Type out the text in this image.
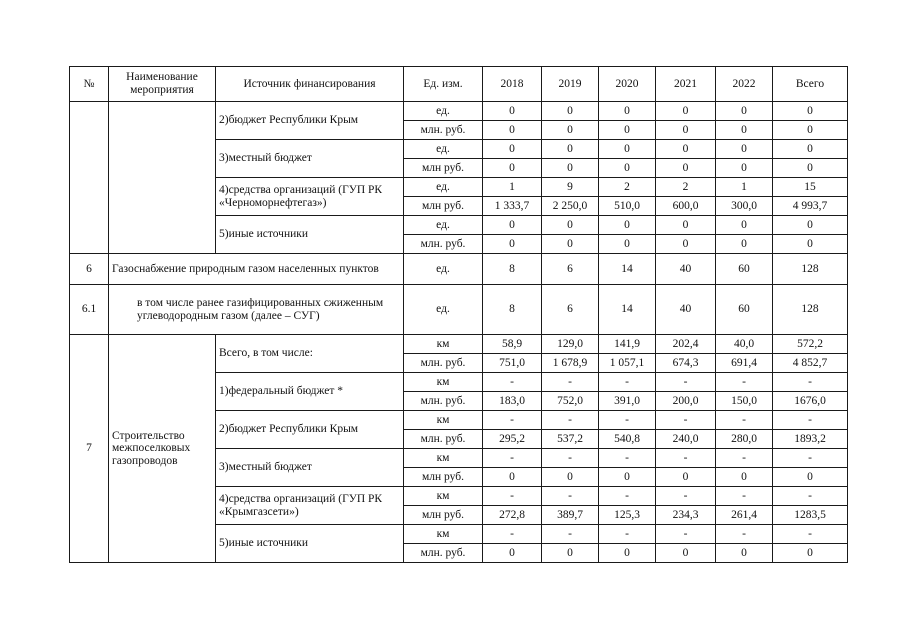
№	Наименование мероприятия	Источник финансирования	Ед. изм.	2018	2019	2020	2021	2022	Всего
		2)бюджет Республики Крым	ед.	0	0	0	0	0	0
			млн. руб.	0	0	0	0	0	0
		3)местный бюджет	ед.	0	0	0	0	0	0
			млн руб.	0	0	0	0	0	0
		4)средства организаций (ГУП РК «Черноморнефтегаз»)	ед.	1	9	2	2	1	15
			млн руб.	1 333,7	2 250,0	510,0	600,0	300,0	4 993,7
		5)иные источники	ед.	0	0	0	0	0	0
			млн. руб.	0	0	0	0	0	0
6	Газоснабжение природным газом населенных пунктов		ед.	8	6	14	40	60	128
6.1	в том числе ранее газифицированных сжиженным углеводородным газом (далее – СУГ)		ед.	8	6	14	40	60	128
7	Строительство межпоселковых газопроводов	Всего, в том числе:	км	58,9	129,0	141,9	202,4	40,0	572,2
			млн. руб.	751,0	1 678,9	1 057,1	674,3	691,4	4 852,7
		1)федеральный бюджет *	км	-	-	-	-	-	-
			млн. руб.	183,0	752,0	391,0	200,0	150,0	1676,0
		2)бюджет Республики Крым	км	-	-	-	-	-	-
			млн. руб.	295,2	537,2	540,8	240,0	280,0	1893,2
		3)местный бюджет	км	-	-	-	-	-	-
			млн руб.	0	0	0	0	0	0
		4)средства организаций (ГУП РК «Крымгазсети»)	км	-	-	-	-	-	-
			млн руб.	272,8	389,7	125,3	234,3	261,4	1283,5
		5)иные источники	км	-	-	-	-	-	-
			млн. руб.	0	0	0	0	0	0
